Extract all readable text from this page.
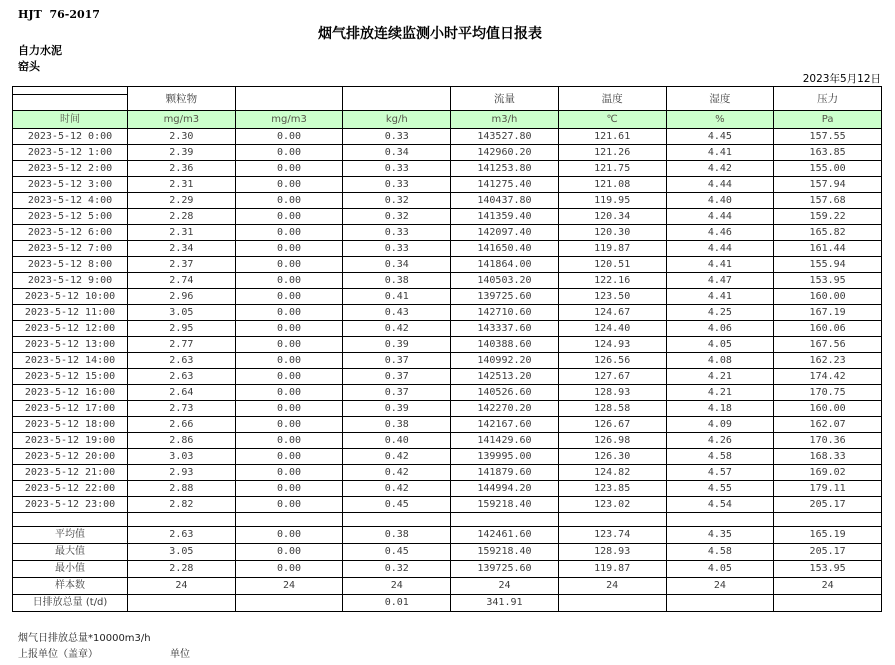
HJT  76-2017
烟气排放连续监测小时平均值日报表
自力水泥
窑头
2023年5月12日
	颗粒物			流量	温度	湿度	压力

时间	mg/m3	mg/m3	kg/h	m3/h	℃	%	Pa
2023-5-12 0:00	2.30	0.00	0.33	143527.80	121.61	4.45	157.55
2023-5-12 1:00	2.39	0.00	0.34	142960.20	121.26	4.41	163.85
2023-5-12 2:00	2.36	0.00	0.33	141253.80	121.75	4.42	155.00
2023-5-12 3:00	2.31	0.00	0.33	141275.40	121.08	4.44	157.94
2023-5-12 4:00	2.29	0.00	0.32	140437.80	119.95	4.40	157.68
2023-5-12 5:00	2.28	0.00	0.32	141359.40	120.34	4.44	159.22
2023-5-12 6:00	2.31	0.00	0.33	142097.40	120.30	4.46	165.82
2023-5-12 7:00	2.34	0.00	0.33	141650.40	119.87	4.44	161.44
2023-5-12 8:00	2.37	0.00	0.34	141864.00	120.51	4.41	155.94
2023-5-12 9:00	2.74	0.00	0.38	140503.20	122.16	4.47	153.95
2023-5-12 10:00	2.96	0.00	0.41	139725.60	123.50	4.41	160.00
2023-5-12 11:00	3.05	0.00	0.43	142710.60	124.67	4.25	167.19
2023-5-12 12:00	2.95	0.00	0.42	143337.60	124.40	4.06	160.06
2023-5-12 13:00	2.77	0.00	0.39	140388.60	124.93	4.05	167.56
2023-5-12 14:00	2.63	0.00	0.37	140992.20	126.56	4.08	162.23
2023-5-12 15:00	2.63	0.00	0.37	142513.20	127.67	4.21	174.42
2023-5-12 16:00	2.64	0.00	0.37	140526.60	128.93	4.21	170.75
2023-5-12 17:00	2.73	0.00	0.39	142270.20	128.58	4.18	160.00
2023-5-12 18:00	2.66	0.00	0.38	142167.60	126.67	4.09	162.07
2023-5-12 19:00	2.86	0.00	0.40	141429.60	126.98	4.26	170.36
2023-5-12 20:00	3.03	0.00	0.42	139995.00	126.30	4.58	168.33
2023-5-12 21:00	2.93	0.00	0.42	141879.60	124.82	4.57	169.02
2023-5-12 22:00	2.88	0.00	0.42	144994.20	123.85	4.55	179.11
2023-5-12 23:00	2.82	0.00	0.45	159218.40	123.02	4.54	205.17

平均值	2.63	0.00	0.38	142461.60	123.74	4.35	165.19
最大值	3.05	0.00	0.45	159218.40	128.93	4.58	205.17
最小值	2.28	0.00	0.32	139725.60	119.87	4.05	153.95
样本数	24	24	24	24	24	24	24
日排放总量 (t/d)			0.01	341.91			
烟气日排放总量*10000m3/h
上报单位（盖章）	单位
